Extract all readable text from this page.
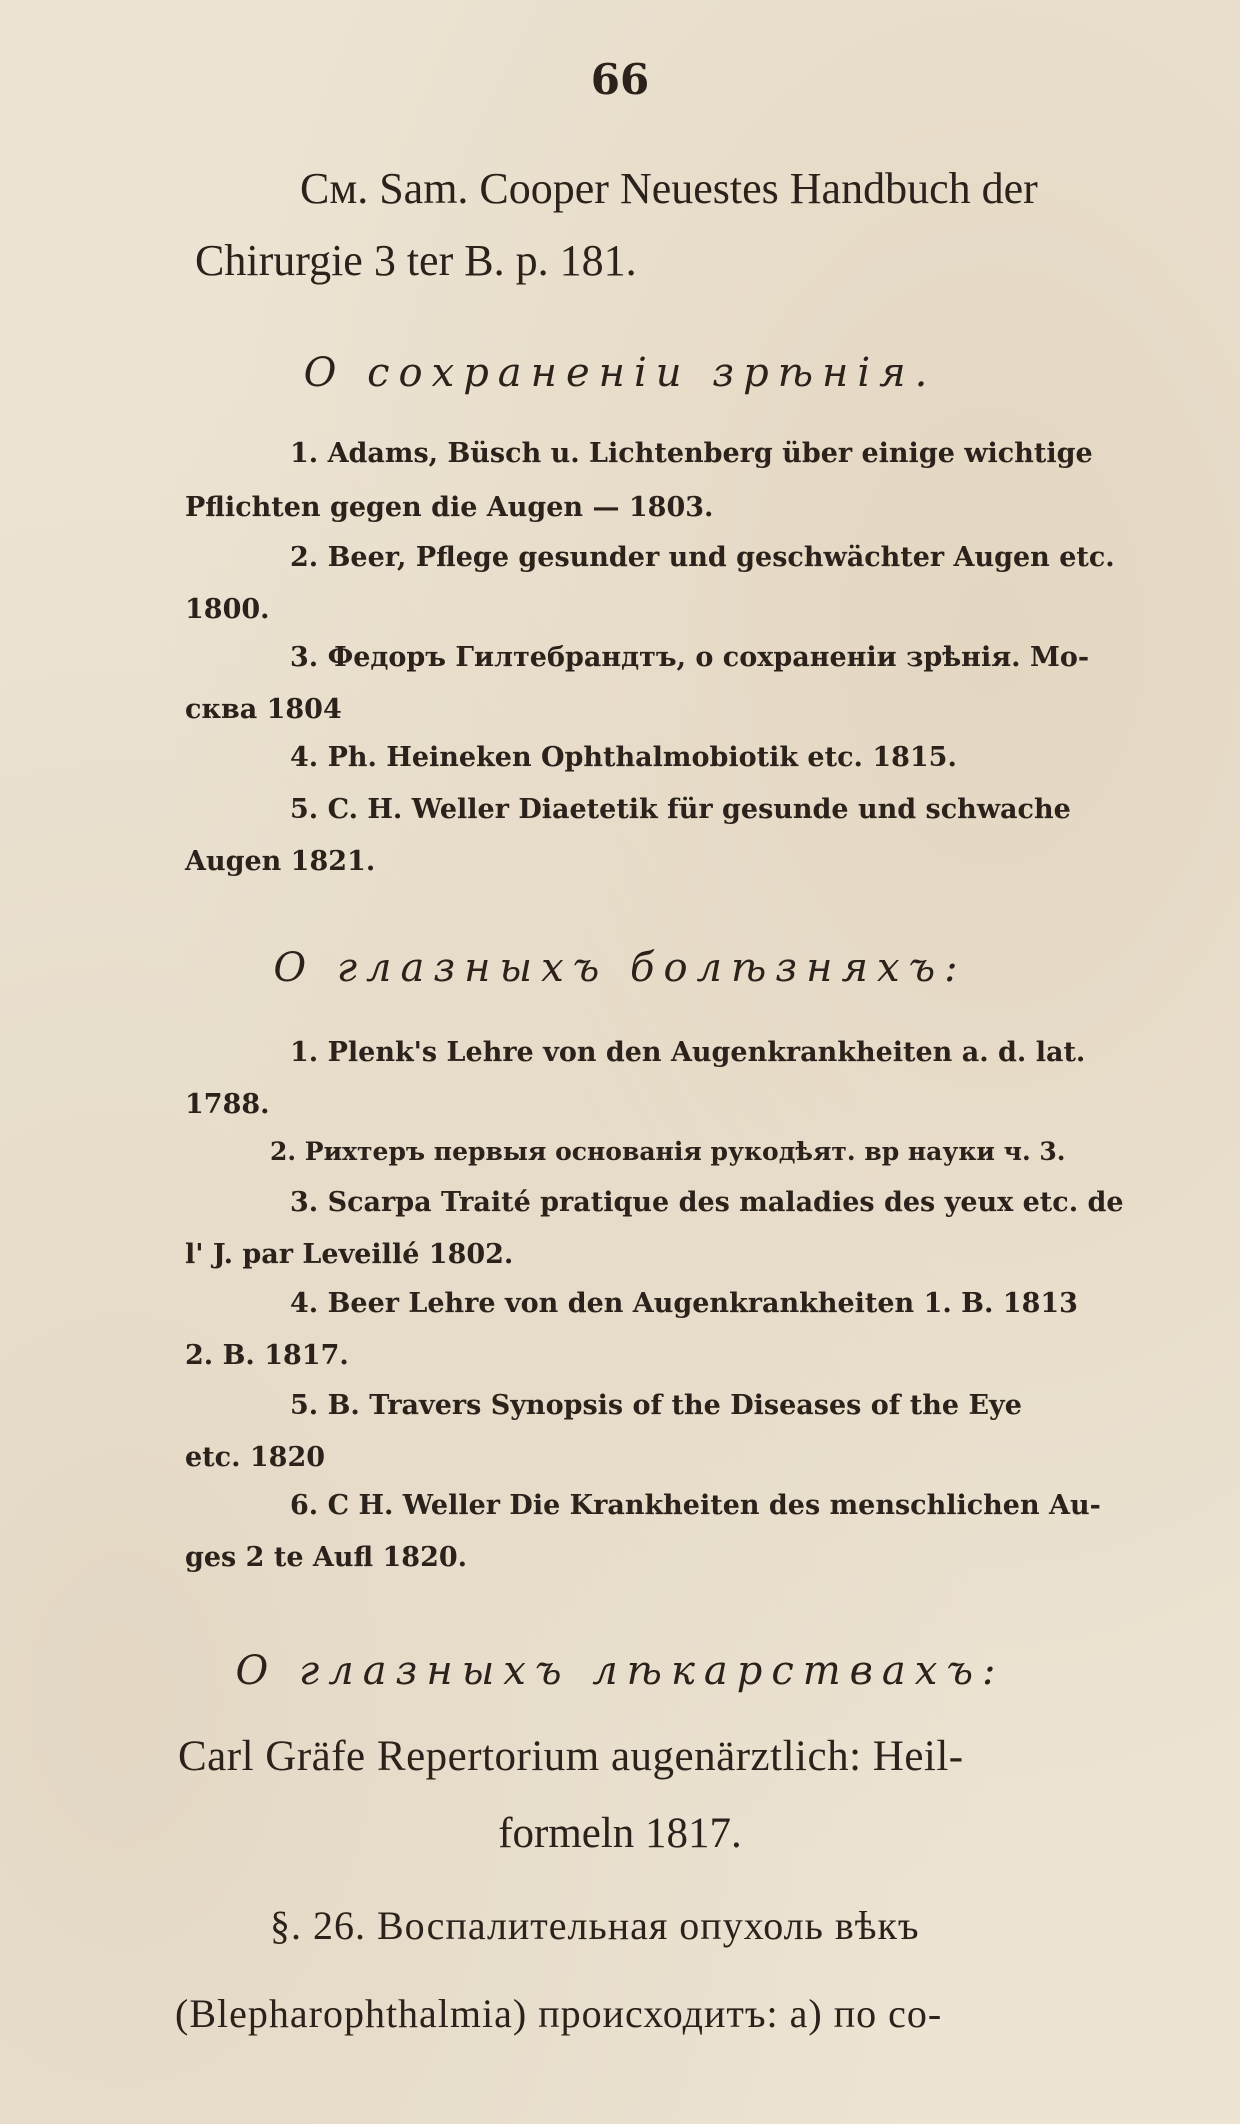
66
См. Sam. Cooper Neuestes Handbuch der
Chirurgie 3 ter B. p. 181.
О сохраненіи зрѣнія.
1. Adams, Büsch u. Lichtenberg über einige wichtige
Pflichten gegen die Augen — 1803.
2. Beer, Pflege gesunder und geschwächter Augen etc.
1800.
3. Федоръ Гилтебрандтъ, о сохраненіи зрѣнія. Мо-
сква 1804
4. Ph. Heineken Ophthalmobiotik etc. 1815.
5. C. H. Weller Diaetetik für gesunde und schwache
Augen 1821.
О глазныхъ болѣзняхъ:
1. Plenk's Lehre von den Augenkrankheiten a. d. lat.
1788.
2. Рихтеръ первыя основанія рукодѣят. вр науки ч. 3.
3. Scarpa Traité pratique des maladies des yeux etc. de
l' J. par Leveillé 1802.
4. Beer Lehre von den Augenkrankheiten 1. B. 1813
2. B. 1817.
5. B. Travers Synopsis of the Diseases of the Eye
etc. 1820
6. C H. Weller Die Krankheiten des menschlichen Au-
ges 2 te Aufl 1820.
О глазныхъ лѣкарствахъ:
Carl Gräfe Repertorium augenärztlich: Heil-
formeln 1817.
§. 26. Воспалительная опухоль вѣкъ
(Blepharophthalmia) происходитъ: а) по со-
